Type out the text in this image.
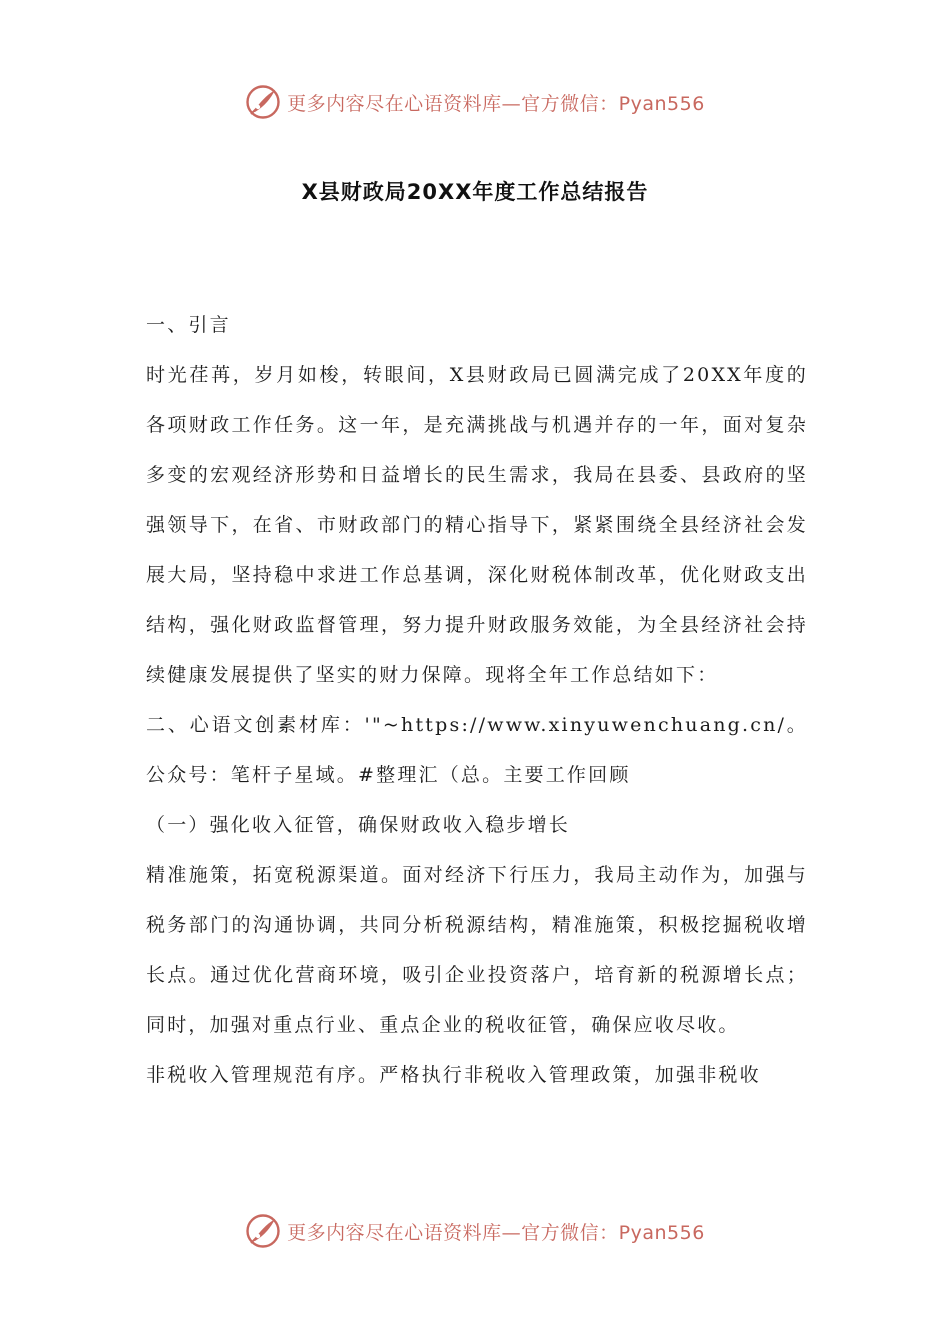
更多内容尽在心语资料库—官方微信：Pyan556
X县财政局20XX年度工作总结报告

一、引言

时光荏苒，岁月如梭，转眼间，X县财政局已圆满完成了20XX年度的各项财政工作任务。这一年，是充满挑战与机遇并存的一年，面对复杂多变的宏观经济形势和日益增长的民生需求，我局在县委、县政府的坚强领导下，在省、市财政部门的精心指导下，紧紧围绕全县经济社会发展大局，坚持稳中求进工作总基调，深化财税体制改革，优化财政支出结构，强化财政监督管理，努力提升财政服务效能，为全县经济社会持续健康发展提供了坚实的财力保障。现将全年工作总结如下：

二、心语文创素材库：'"~https://www.xinyuwenchuang.cn/。公众号：笔杆子星域。#整理汇（总。主要工作回顾

（一）强化收入征管，确保财政收入稳步增长

精准施策，拓宽税源渠道。面对经济下行压力，我局主动作为，加强与税务部门的沟通协调，共同分析税源结构，精准施策，积极挖掘税收增长点。通过优化营商环境，吸引企业投资落户，培育新的税源增长点；同时，加强对重点行业、重点企业的税收征管，确保应收尽收。

非税收入管理规范有序。严格执行非税收入管理政策，加强非税收

更多内容尽在心语资料库—官方微信：Pyan556
